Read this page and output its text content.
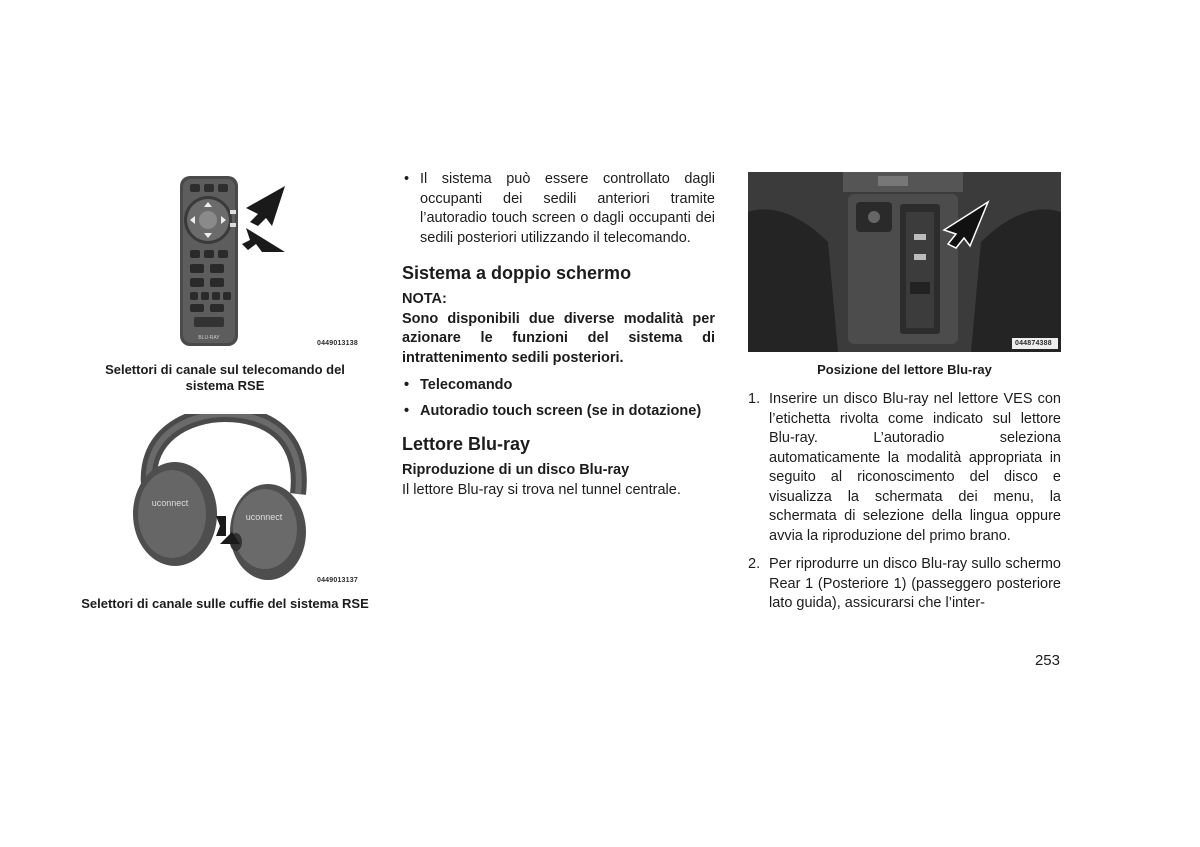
BLU-RAY
0449013138
Selettori di canale sul telecomando del sistema RSE
uconnect
uconnect
0449013137
Selettori di canale sulle cuffie del sistema RSE
• Il sistema può essere controllato dagli occupanti dei sedili anteriori tramite l’autoradio touch screen o dagli occupanti dei sedili posteriori utilizzando il telecomando.
Sistema a doppio schermo
NOTA:
Sono disponibili due diverse modalità per azionare le funzioni del sistema di intrattenimento sedili posteriori.
• Telecomando
• Autoradio touch screen (se in dotazione)
Lettore Blu-ray
Riproduzione di un disco Blu-ray
Il lettore Blu-ray si trova nel tunnel centrale.
044874388
Posizione del lettore Blu-ray
1. Inserire un disco Blu-ray nel lettore VES con l’etichetta rivolta come indicato sul lettore Blu-ray. L’autoradio seleziona automaticamente la modalità appropriata in seguito al riconoscimento del disco e visualizza la schermata dei menu, la schermata di selezione della lingua oppure avvia la riproduzione del primo brano.
2. Per riprodurre un disco Blu-ray sullo schermo Rear 1 (Posteriore 1) (passeggero posteriore lato guida), assicurarsi che l’inter-
253
